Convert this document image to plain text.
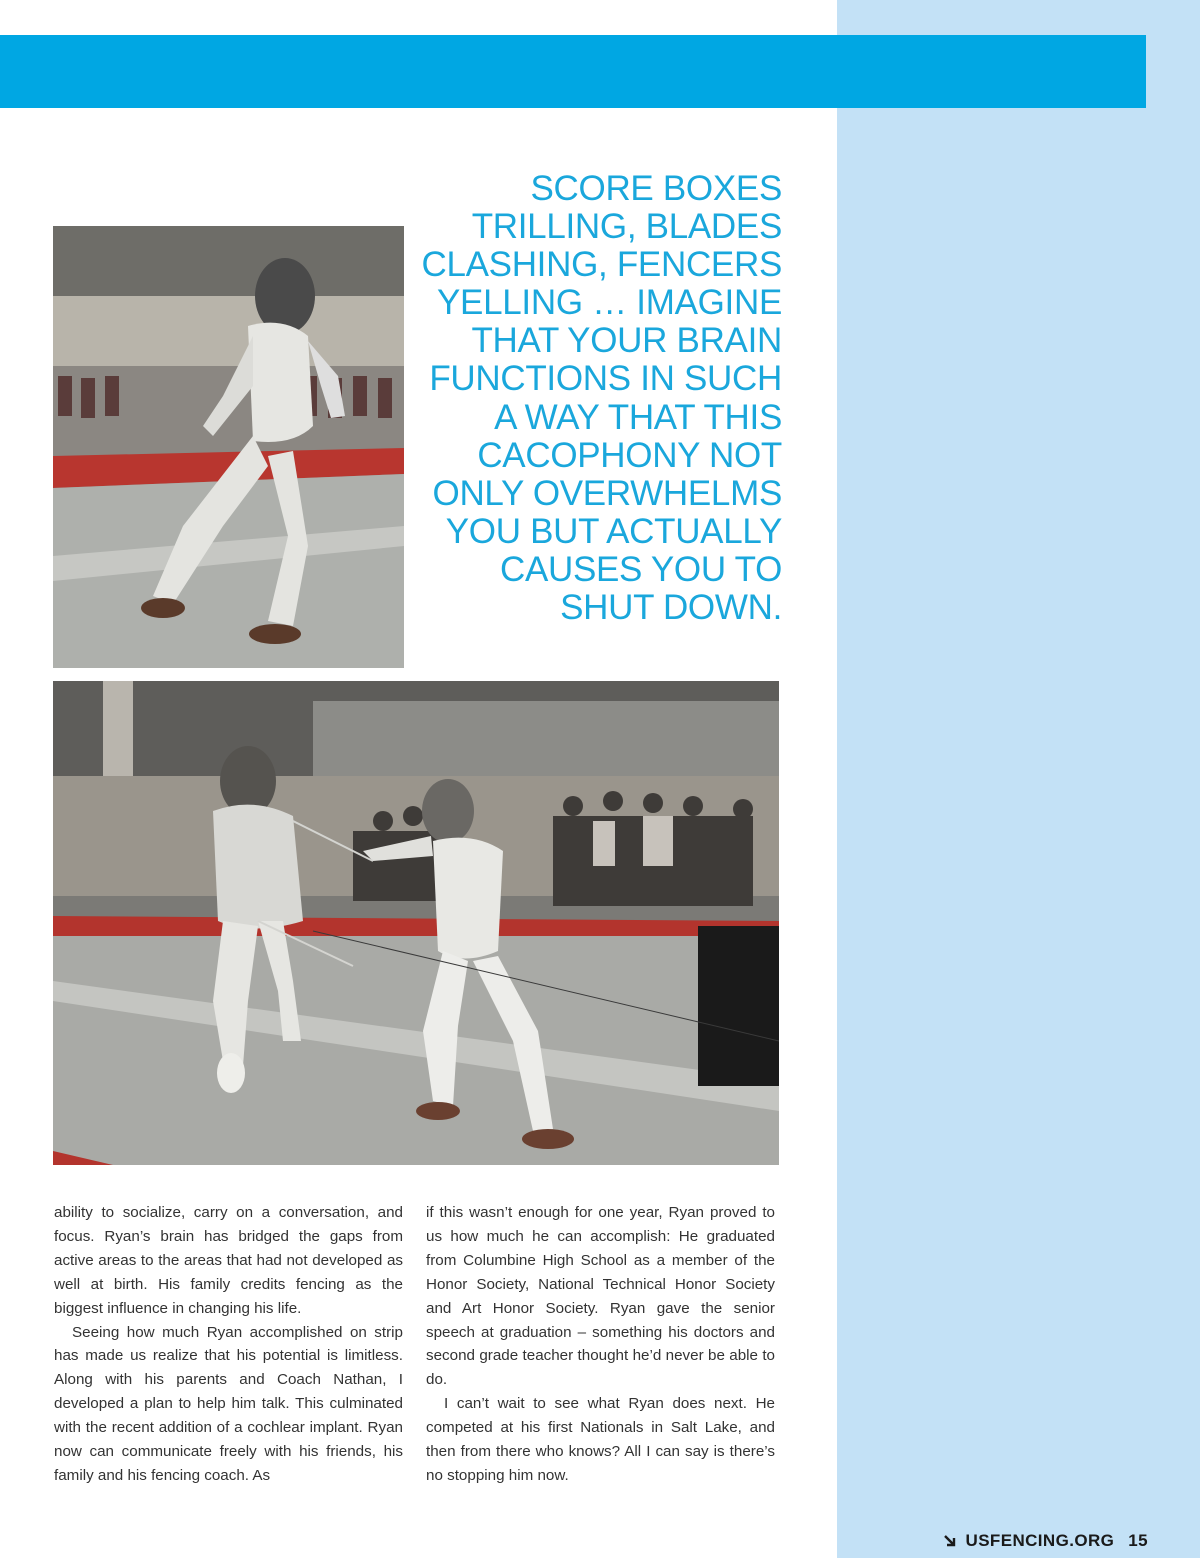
SCORE BOXES
TRILLING, BLADES
CLASHING, FENCERS
YELLING … IMAGINE
THAT YOUR BRAIN
FUNCTIONS IN SUCH
A WAY THAT THIS
CACOPHONY NOT
ONLY OVERWHELMS
YOU BUT ACTUALLY
CAUSES YOU TO
SHUT DOWN.

ability to socialize, carry on a conversation, and focus. Ryan’s brain has bridged the gaps from active areas to the areas that had not developed as well at birth. His family credits fencing as the biggest influence in changing his life.

Seeing how much Ryan accomplished on strip has made us realize that his potential is limitless. Along with his parents and Coach Nathan, I developed a plan to help him talk. This culminated with the recent addition of a cochlear implant. Ryan now can communicate freely with his friends, his family and his fencing coach. As

if this wasn’t enough for one year, Ryan proved to us how much he can accomplish: He graduated from Columbine High School as a member of the Honor Society, National Technical Honor Society and Art Honor Society. Ryan gave the senior speech at graduation – something his doctors and second grade teacher thought he’d never be able to do.

I can’t wait to see what Ryan does next. He competed at his first Nationals in Salt Lake, and then from there who knows? All I can say is there’s no stopping him now.

USFENCING.ORG 15
